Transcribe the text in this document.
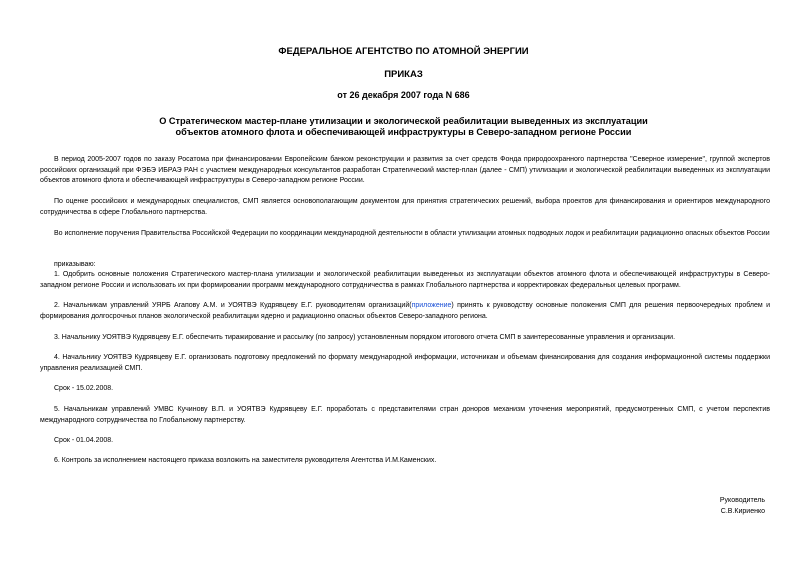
ФЕДЕРАЛЬНОЕ АГЕНТСТВО ПО АТОМНОЙ ЭНЕРГИИ
ПРИКАЗ
от 26 декабря 2007 года N 686
О Стратегическом мастер-плане утилизации и экологической реабилитации выведенных из эксплуатации
объектов атомного флота и обеспечивающей инфраструктуры в Северо-западном регионе России
В период 2005-2007 годов по заказу Росатома при финансировании Европейским банком реконструкции и развития за счет средств Фонда природоохранного партнерства "Северное измерение", группой экспертов российских организаций при ФЭБЭ ИБРАЭ РАН с участием международных консультантов разработан Стратегический мастер-план (далее - СМП) утилизации и экологической реабилитации выведенных из эксплуатации объектов атомного флота и обеспечивающей инфраструктуры в Северо-западном регионе России.
По оценке российских и международных специалистов, СМП является основополагающим документом для принятия стратегических решений, выбора проектов для финансирования и ориентиров международного сотрудничества в сфере Глобального партнерства.
Во исполнение поручения Правительства Российской Федерации по координации международной деятельности в области утилизации атомных подводных лодок и реабилитации радиационно опасных объектов России
приказываю:
1. Одобрить основные положения Стратегического мастер-плана утилизации и экологической реабилитации выведенных из эксплуатации объектов атомного флота и обеспечивающей инфраструктуры в Северо-западном регионе России и использовать их при формировании программ международного сотрудничества в рамках Глобального партнерства и корректировках федеральных целевых программ.
2. Начальникам управлений УЯРБ Агапову А.М. и УОЯТВЭ Кудрявцеву Е.Г. руководителям организаций(приложение) принять к руководству основные положения СМП для решения первоочередных проблем и формирования долгосрочных планов экологической реабилитации ядерно и радиационно опасных объектов Северо-западного региона.
3. Начальнику УОЯТВЭ Кудрявцеву Е.Г. обеспечить тиражирование и рассылку (по запросу) установленным порядком итогового отчета СМП в заинтересованные управления и организации.
4. Начальнику УОЯТВЭ Кудрявцеву Е.Г. организовать подготовку предложений по формату международной информации, источникам и объемам финансирования для создания информационной системы поддержки управления реализацией СМП.
Срок - 15.02.2008.
5. Начальникам управлений УМВС Кучинову В.П. и УОЯТВЭ Кудрявцеву Е.Г. проработать с представителями стран доноров механизм уточнения мероприятий, предусмотренных СМП, с учетом перспектив международного сотрудничества по Глобальному партнерству.
Срок - 01.04.2008.
6. Контроль за исполнением настоящего приказа возложить на заместителя руководителя Агентства И.М.Каменских.
Руководитель
С.В.Кириенко
